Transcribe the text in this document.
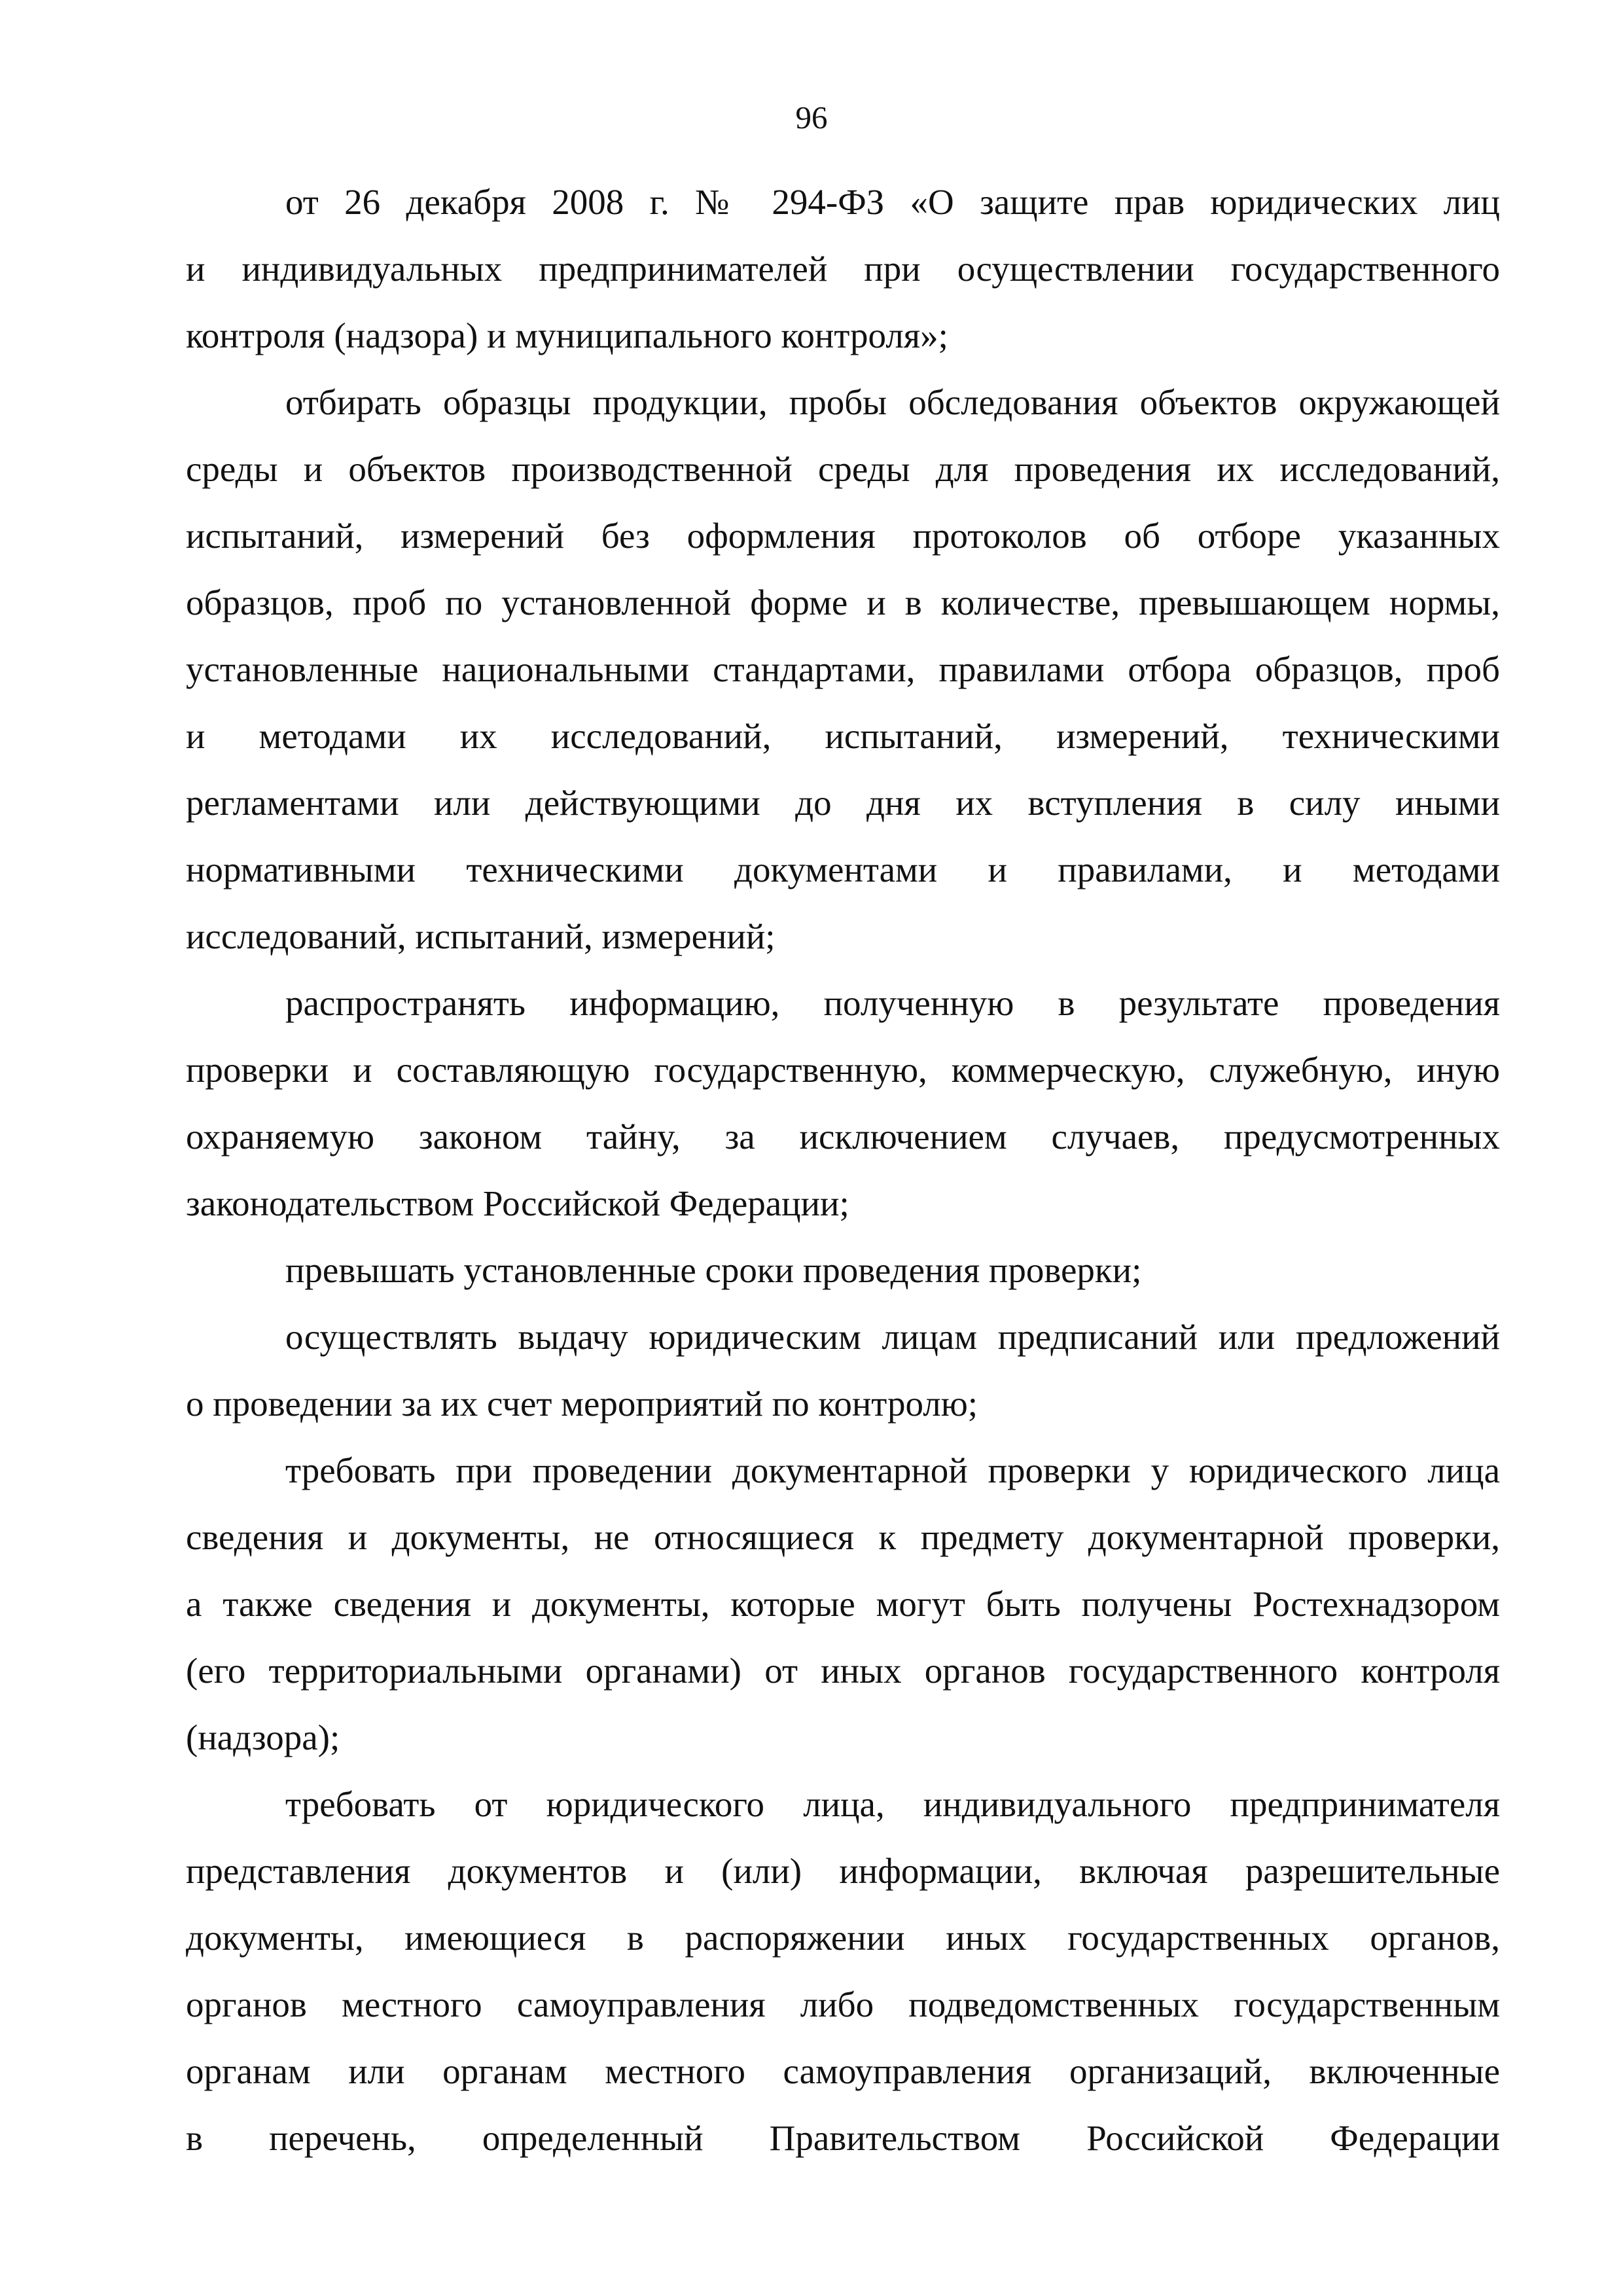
96
от 26 декабря 2008 г. № 294-ФЗ «О защите прав юридических лиц
и индивидуальных предпринимателей при осуществлении государственного
контроля (надзора) и муниципального контроля»;
отбирать образцы продукции, пробы обследования объектов окружающей
среды и объектов производственной среды для проведения их исследований,
испытаний, измерений без оформления протоколов об отборе указанных
образцов, проб по установленной форме и в количестве, превышающем нормы,
установленные национальными стандартами, правилами отбора образцов, проб
и методами их исследований, испытаний, измерений, техническими
регламентами или действующими до дня их вступления в силу иными
нормативными техническими документами и правилами, и методами
исследований, испытаний, измерений;
распространять информацию, полученную в результате проведения
проверки и составляющую государственную, коммерческую, служебную, иную
охраняемую законом тайну, за исключением случаев, предусмотренных
законодательством Российской Федерации;
превышать установленные сроки проведения проверки;
осуществлять выдачу юридическим лицам предписаний или предложений
о проведении за их счет мероприятий по контролю;
требовать при проведении документарной проверки у юридического лица
сведения и документы, не относящиеся к предмету документарной проверки,
а также сведения и документы, которые могут быть получены Ростехнадзором
(его территориальными органами) от иных органов государственного контроля
(надзора);
требовать от юридического лица, индивидуального предпринимателя
представления документов и (или) информации, включая разрешительные
документы, имеющиеся в распоряжении иных государственных органов,
органов местного самоуправления либо подведомственных государственным
органам или органам местного самоуправления организаций, включенные
в перечень, определенный Правительством Российской Федерации
